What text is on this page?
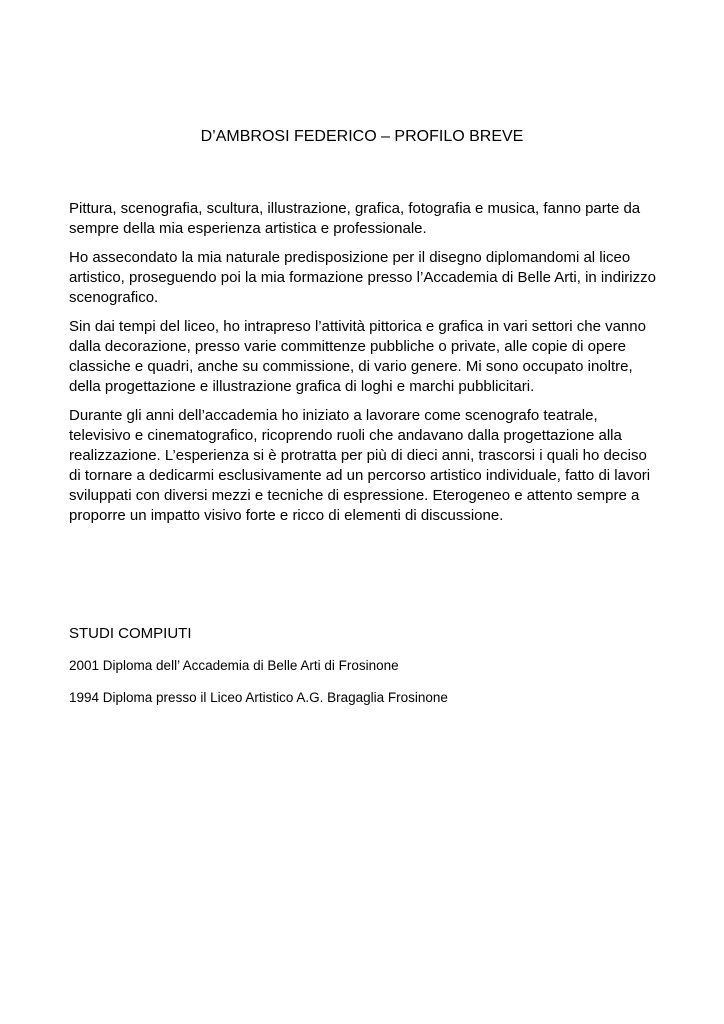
D’AMBROSI FEDERICO – PROFILO BREVE

Pittura, scenografia, scultura, illustrazione, grafica, fotografia e musica, fanno parte da sempre della mia esperienza artistica e professionale.

Ho assecondato la mia naturale predisposizione per il disegno diplomandomi al liceo artistico, proseguendo poi la mia formazione presso l’Accademia di Belle Arti, in indirizzo scenografico.

Sin dai tempi del liceo, ho intrapreso l’attività pittorica e grafica in vari settori che vanno dalla decorazione, presso varie committenze pubbliche o private, alle copie di opere classiche e quadri, anche su commissione, di vario genere. Mi sono occupato inoltre, della progettazione e illustrazione grafica di loghi e marchi pubblicitari.

Durante gli anni dell’accademia ho iniziato a lavorare come scenografo teatrale, televisivo e cinematografico, ricoprendo ruoli che andavano dalla progettazione alla realizzazione. L’esperienza si è protratta per più di dieci anni, trascorsi i quali ho deciso di tornare a dedicarmi esclusivamente ad un percorso artistico individuale, fatto di lavori sviluppati con diversi mezzi e tecniche di espressione. Eterogeneo e attento sempre a proporre un impatto visivo forte e ricco di elementi di discussione.

STUDI COMPIUTI
2001 Diploma dell’ Accademia di Belle Arti di Frosinone
1994 Diploma presso il Liceo Artistico A.G. Bragaglia Frosinone
